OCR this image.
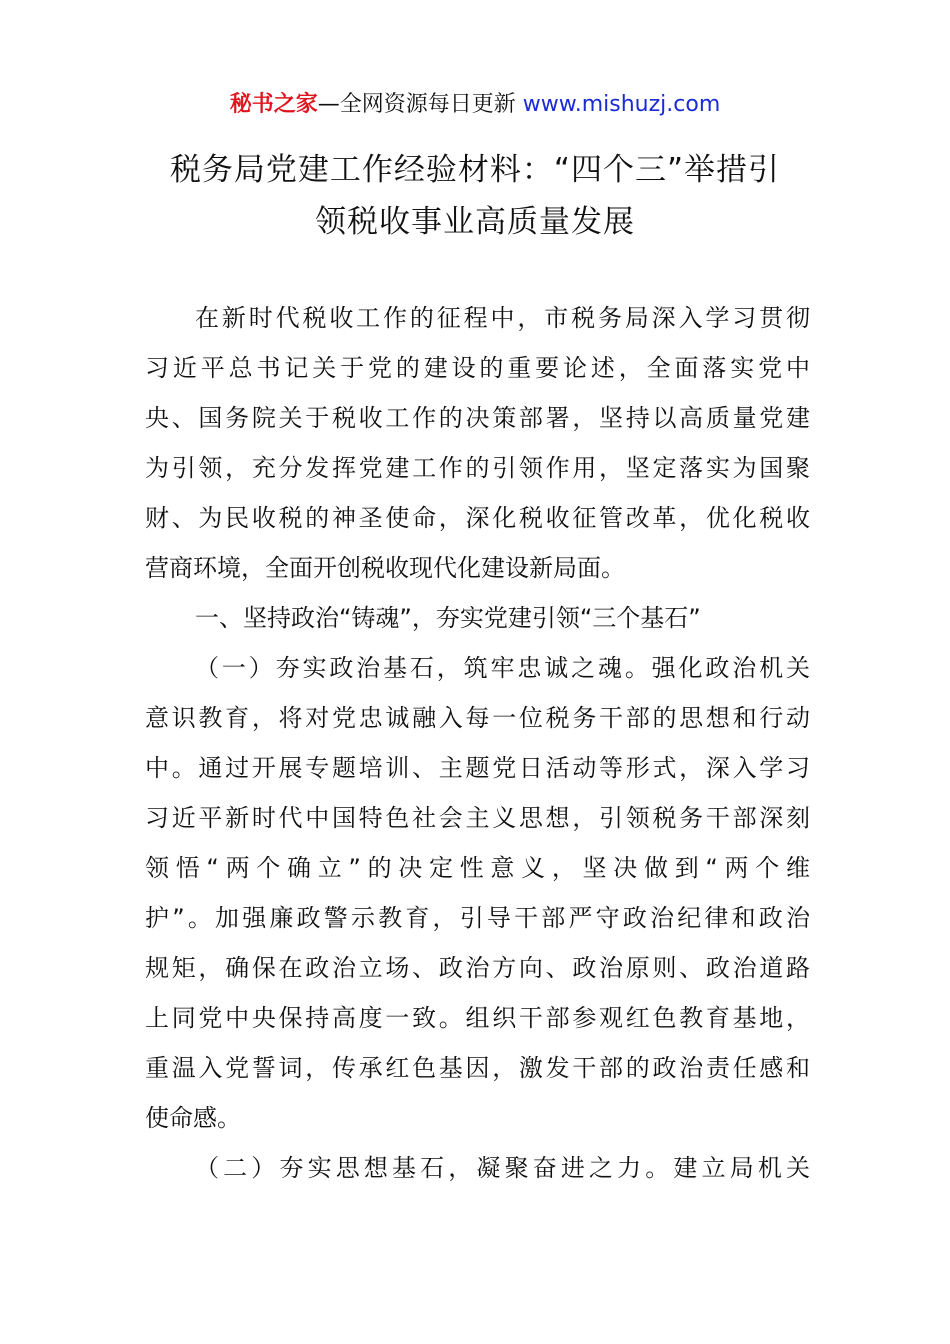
秘书之家—全网资源每日更新 www.mishuzj.com
税务局党建工作经验材料：“四个三”举措引
领税收事业高质量发展
在新时代税收工作的征程中，市税务局深入学习贯彻
习近平总书记关于党的建设的重要论述，全面落实党中
央、国务院关于税收工作的决策部署，坚持以高质量党建
为引领，充分发挥党建工作的引领作用，坚定落实为国聚
财、为民收税的神圣使命，深化税收征管改革，优化税收
营商环境，全面开创税收现代化建设新局面。
一、坚持政治“铸魂”，夯实党建引领“三个基石”
（一）夯实政治基石，筑牢忠诚之魂。强化政治机关
意识教育，将对党忠诚融入每一位税务干部的思想和行动
中。通过开展专题培训、主题党日活动等形式，深入学习
习近平新时代中国特色社会主义思想，引领税务干部深刻
领悟“两个确立”的决定性意义，坚决做到“两个维
护”。加强廉政警示教育，引导干部严守政治纪律和政治
规矩，确保在政治立场、政治方向、政治原则、政治道路
上同党中央保持高度一致。组织干部参观红色教育基地，
重温入党誓词，传承红色基因，激发干部的政治责任感和
使命感。
（二）夯实思想基石，凝聚奋进之力。建立局机关
